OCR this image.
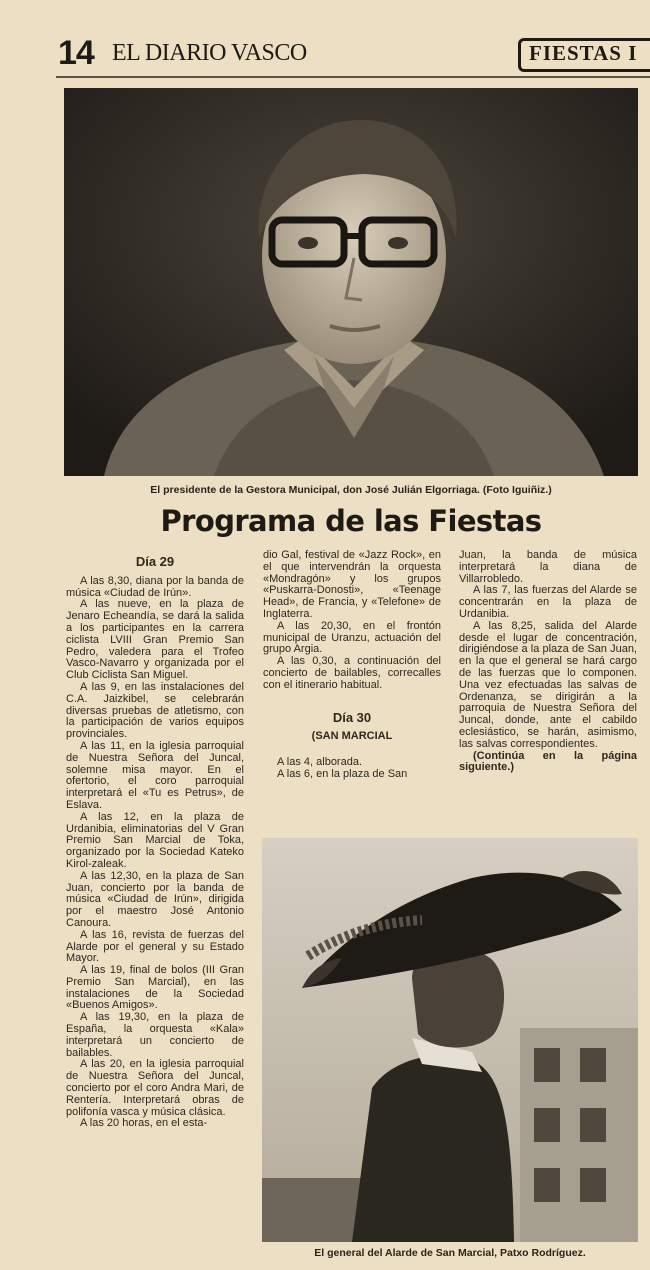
14 EL DIARIO VASCO	FIESTAS I
El presidente de la Gestora Municipal, don José Julián Elgorriaga. (Foto Iguiñiz.)
Programa de las Fiestas

Día 29

A las 8,30, diana por la banda de música «Ciudad de Irún».

A las nueve, en la plaza de Jenaro Echeandía, se dará la salida a los participantes en la carrera ciclista LVIII Gran Premio San Pedro, valedera para el Trofeo Vasco-Navarro y organizada por el Club Ciclista San Miguel.

A las 9, en las instalaciones del C.A. Jaizkibel, se celebrarán diversas pruebas de atletismo, con la participación de varios equipos provinciales.

A las 11, en la iglesia parroquial de Nuestra Señora del Juncal, solemne misa mayor. En el ofertorio, el coro parroquial interpretará el «Tu es Petrus», de Eslava.

A las 12, en la plaza de Urdanibia, eliminatorias del V Gran Premio San Marcial de Toka, organizado por la Sociedad Kateko Kirol-zaleak.

A las 12,30, en la plaza de San Juan, concierto por la banda de música «Ciudad de Irún», dirigida por el maestro José Antonio Canoura.

A las 16, revista de fuerzas del Alarde por el general y su Estado Mayor.

A las 19, final de bolos (III Gran Premio San Marcial), en las instalaciones de la Sociedad «Buenos Amigos».

A las 19,30, en la plaza de España, la orquesta «Kala» interpretará un concierto de bailables.

A las 20, en la iglesia parroquial de Nuestra Señora del Juncal, concierto por el coro Andra Mari, de Rentería. Interpretará obras de polifonía vasca y música clásica.

A las 20 horas, en el esta-

dio Gal, festival de «Jazz Rock», en el que intervendrán la orquesta «Mondragón» y los grupos «Puskarra-Donosti», «Teenage Head», de Francia, y «Telefone» de Inglaterra.

A las 20,30, en el frontón municipal de Uranzu, actuación del grupo Argia.

A las 0,30, a continuación del concierto de bailables, correcalles con el itinerario habitual.

Día 30

(SAN MARCIAL

A las 4, alborada.

A las 6, en la plaza de San

Juan, la banda de música interpretará la diana de Villarrobledo.

A las 7, las fuerzas del Alarde se concentrarán en la plaza de Urdanibia.

A las 8,25, salida del Alarde desde el lugar de concentración, dirigiéndose a la plaza de San Juan, en la que el general se hará cargo de las fuerzas que lo componen. Una vez efectuadas las salvas de Ordenanza, se dirigirán a la parroquia de Nuestra Señora del Juncal, donde, ante el cabildo eclesiástico, se harán, asimismo, las salvas correspondientes.

(Continúa en la página siguiente.)

El general del Alarde de San Marcial, Patxo Rodríguez.
